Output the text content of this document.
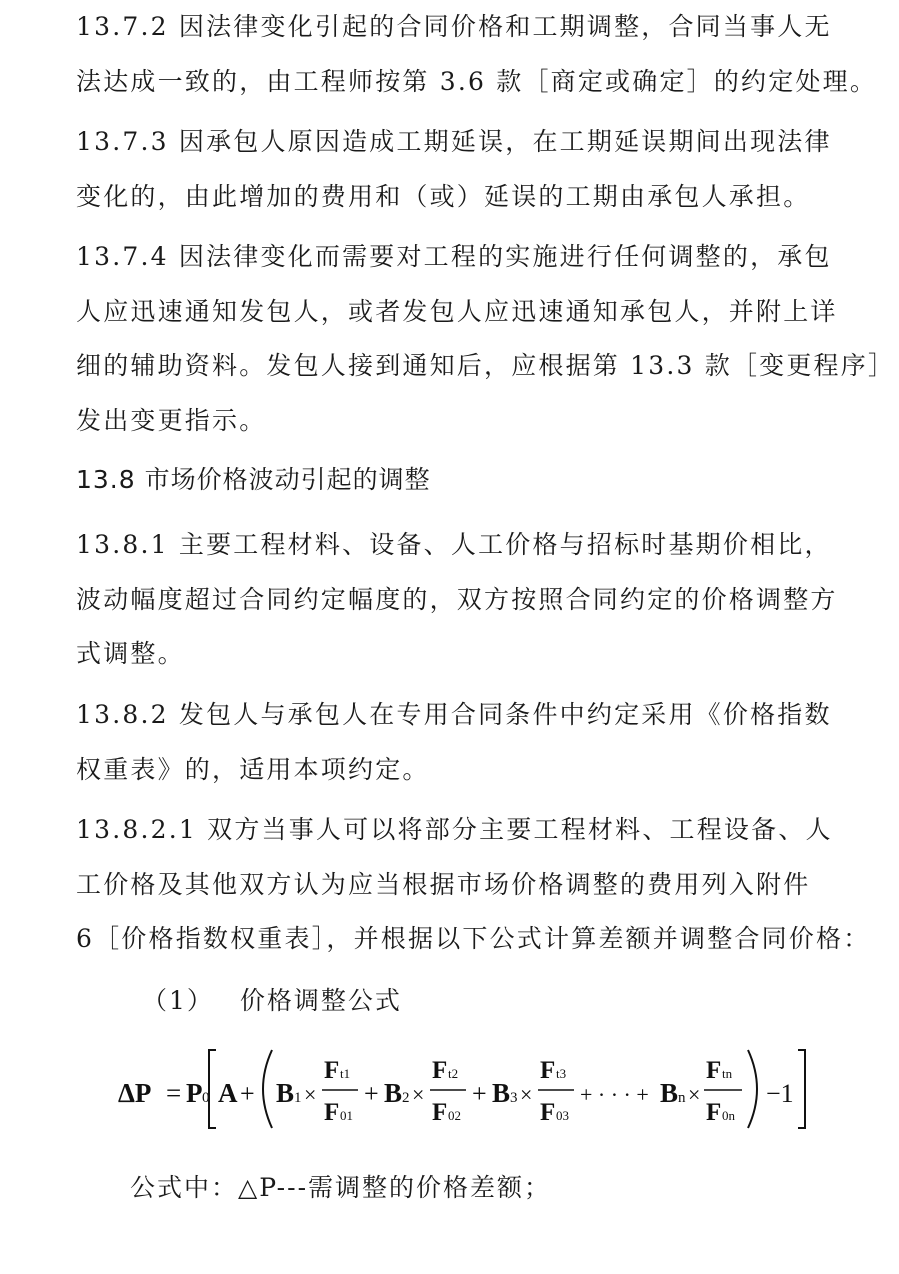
13.7.2 因法律变化引起的合同价格和工期调整，合同当事人无
法达成一致的，由工程师按第 3.6 款［商定或确定］的约定处理。

13.7.3 因承包人原因造成工期延误，在工期延误期间出现法律
变化的，由此增加的费用和（或）延误的工期由承包人承担。

13.7.4 因法律变化而需要对工程的实施进行任何调整的，承包
人应迅速通知发包人，或者发包人应迅速通知承包人，并附上详
细的辅助资料。发包人接到通知后，应根据第 13.3 款［变更程序］
发出变更指示。

13.8 市场价格波动引起的调整

13.8.1 主要工程材料、设备、人工价格与招标时基期价相比，
波动幅度超过合同约定幅度的，双方按照合同约定的价格调整方
式调整。

13.8.2 发包人与承包人在专用合同条件中约定采用《价格指数
权重表》的，适用本项约定。

13.8.2.1 双方当事人可以将部分主要工程材料、工程设备、人
工价格及其他双方认为应当根据市场价格调整的费用列入附件
6［价格指数权重表］，并根据以下公式计算差额并调整合同价格：

（1） 价格调整公式
ΔP = P 0 A + B 1 ×
F t1
F 01
+ B 2 ×
F t2
F 02
+ B 3 ×
F t3
F 03
+ · · · + B n ×
F tn
F 0n
−1
公式中：△P---需调整的价格差额；
